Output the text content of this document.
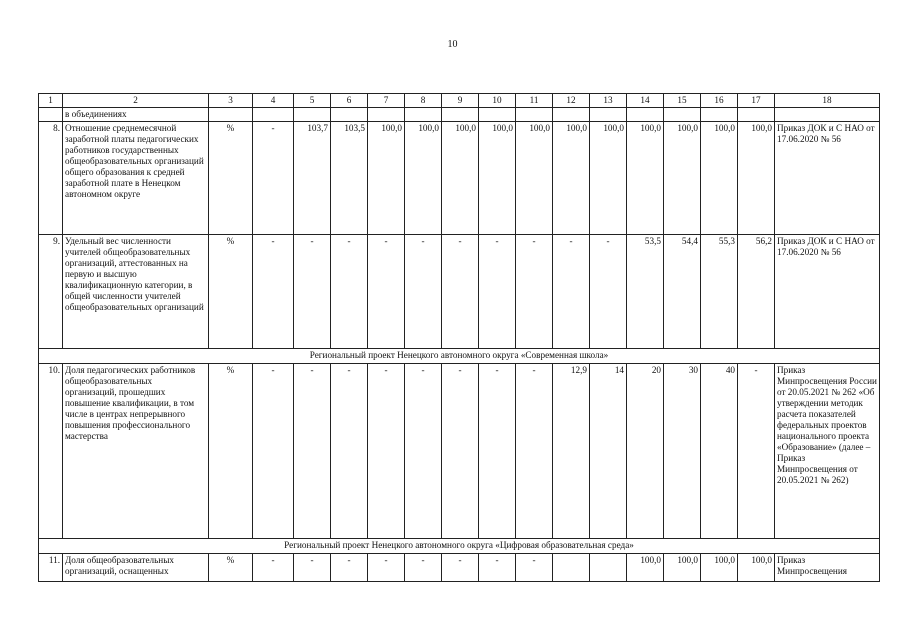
10
1	2	3	4	5	6	7	8	9	10	11	12	13	14	15	16	17	18
	в объединениях																
8.	Отношение среднемесячной заработной платы педагогических работников государственных общеобразовательных организаций общего образования к средней заработной плате в Ненецком автономном округе	%	-	103,7	103,5	100,0	100,0	100,0	100,0	100,0	100,0	100,0	100,0	100,0	100,0	100,0	Приказ ДОК и С НАО от 17.06.2020 № 56
9.	Удельный вес численности учителей общеобразовательных организаций, аттестованных на первую и высшую квалификационную категории, в общей численности учителей общеобразовательных организаций	%	-	-	-	-	-	-	-	-	-	-	53,5	54,4	55,3	56,2	Приказ ДОК и С НАО от 17.06.2020 № 56
Региональный проект Ненецкого автономного округа «Современная школа»																	
10.	Доля педагогических работников общеобразовательных организаций, прошедших повышение квалификации, в том числе в центрах непрерывного повышения профессионального мастерства	%	-	-	-	-	-	-	-	-	12,9	14	20	30	40	-	Приказ Минпросвещения России от 20.05.2021 № 262 «Об утверждении методик расчета показателей федеральных проектов национального проекта «Образование» (далее – Приказ Минпросвещения от 20.05.2021 № 262)
Региональный проект Ненецкого автономного округа «Цифровая образовательная среда»																	
11.	Доля общеобразовательных организаций, оснащенных	%	-	-	-	-	-	-	-	-			100,0	100,0	100,0	100,0	Приказ Минпросвещения
